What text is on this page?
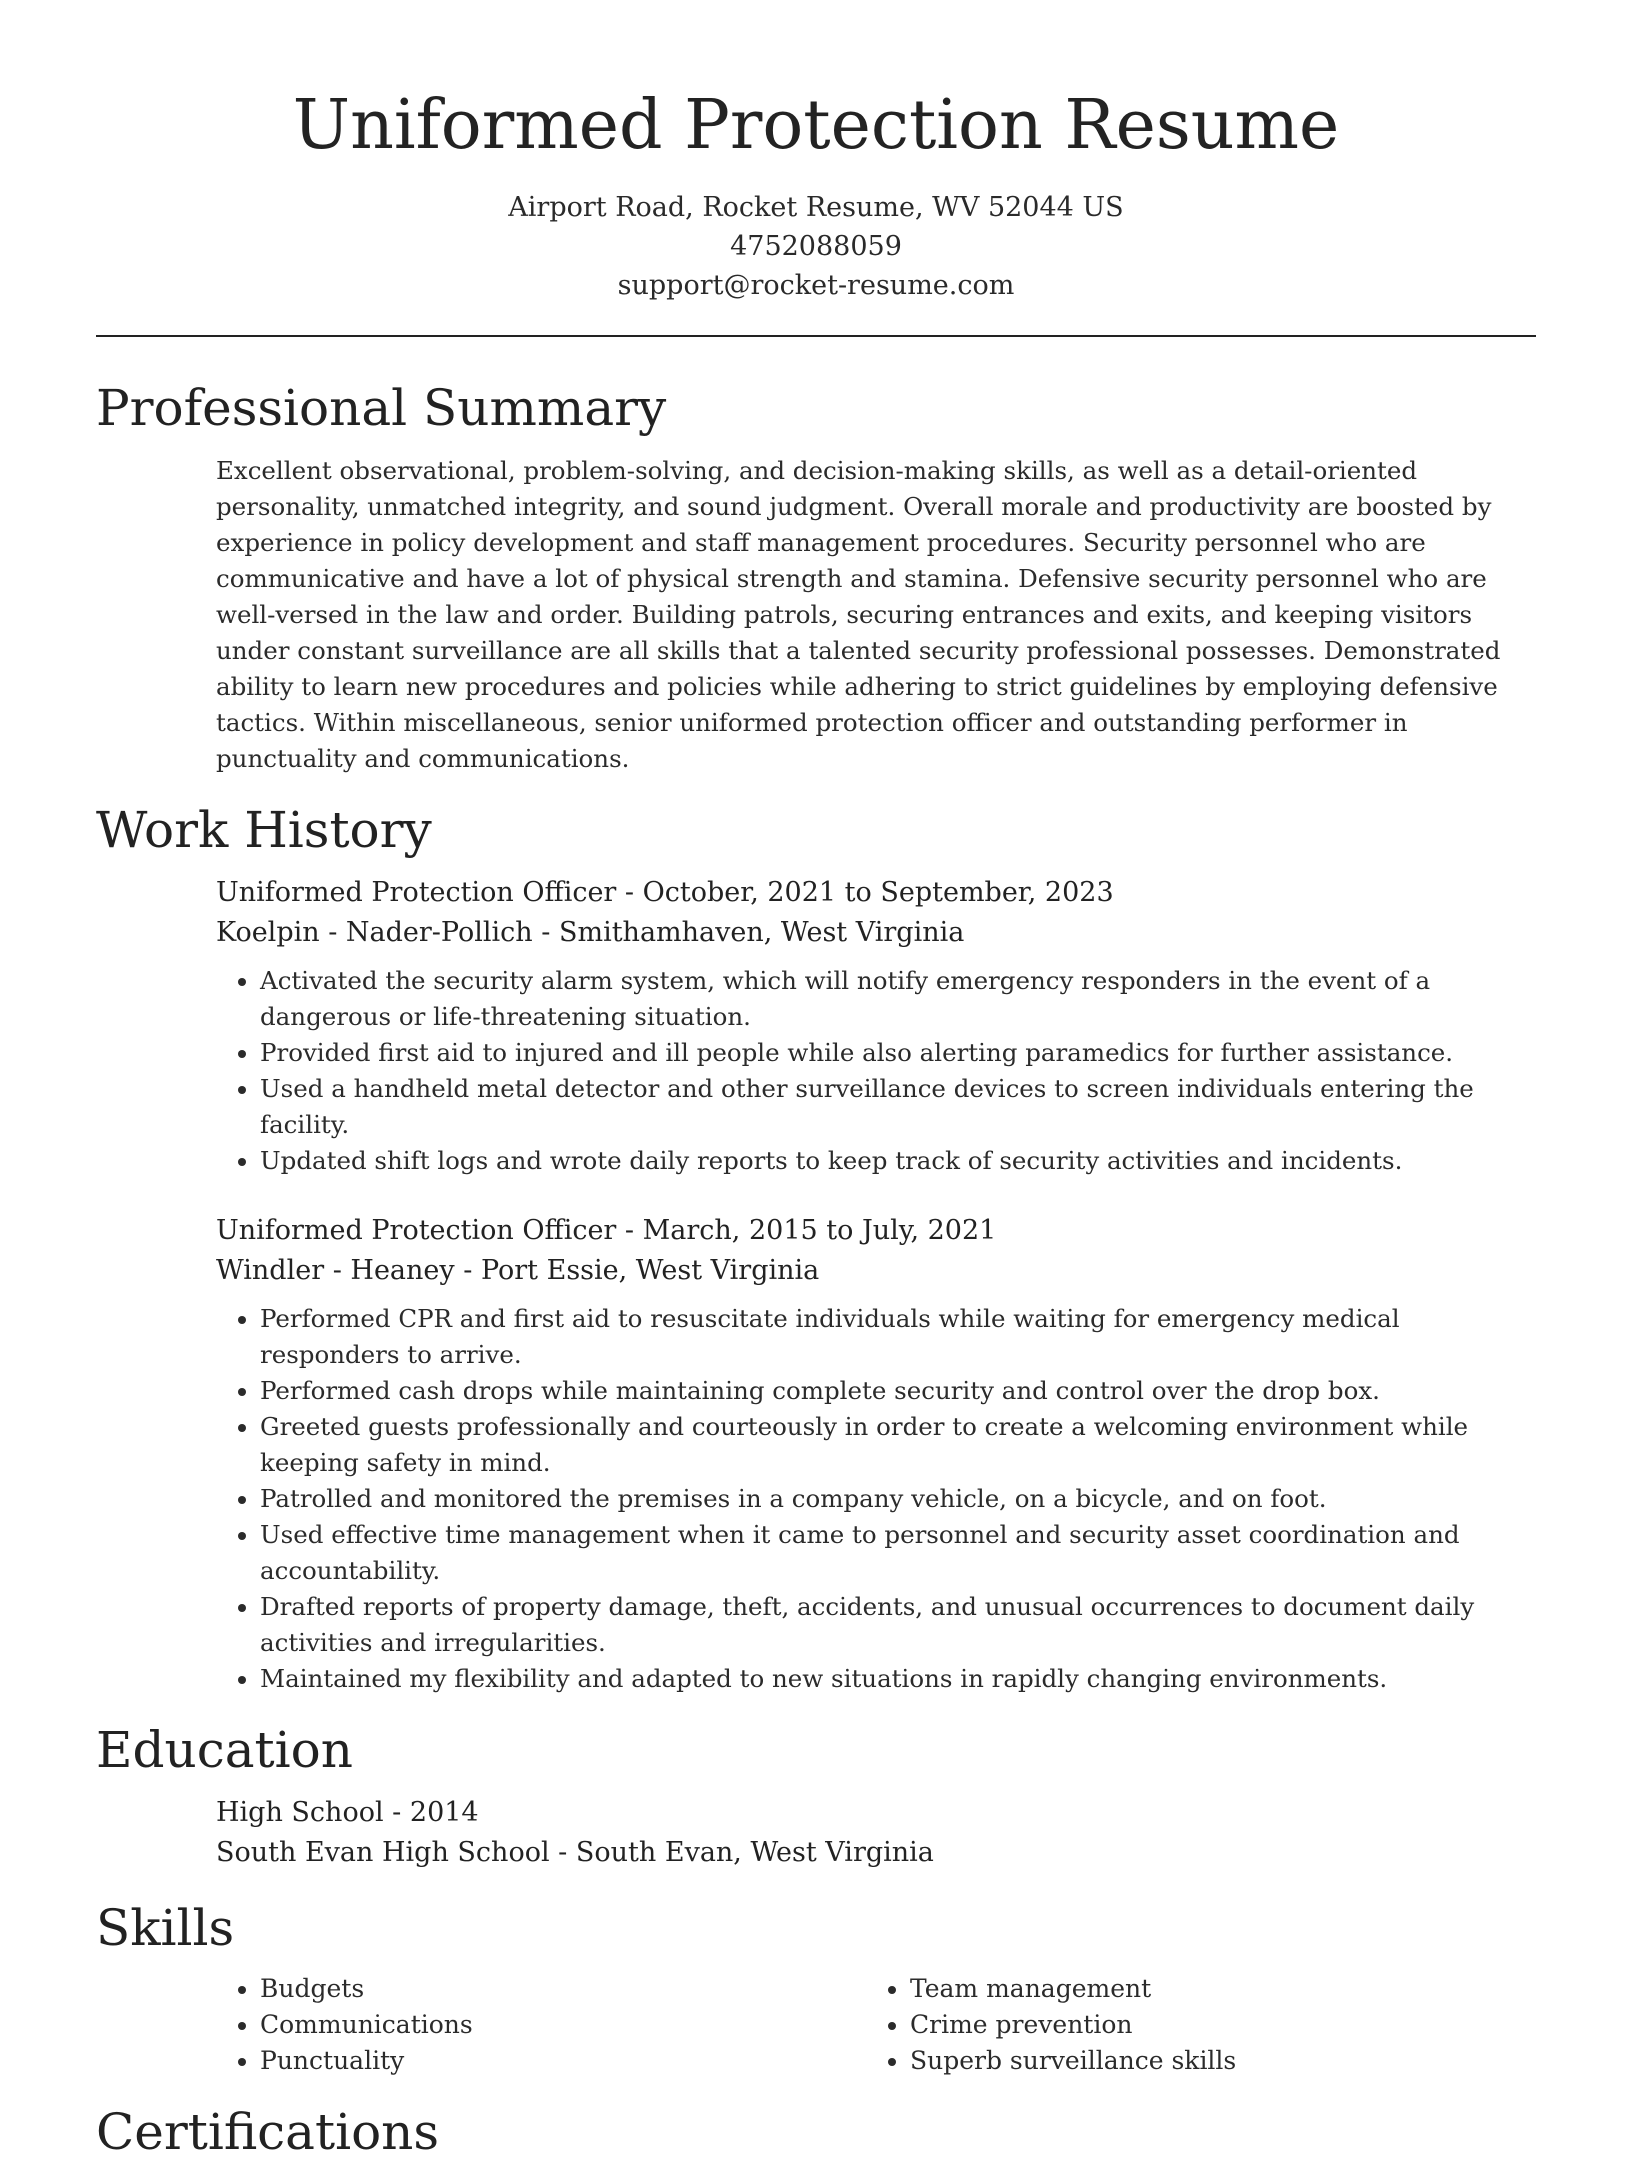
Uniformed Protection Resume
Airport Road, Rocket Resume, WV 52044 US
4752088059
support@rocket-resume.com
Professional Summary

Excellent observational, problem-solving, and decision-making skills, as well as a detail-oriented personality, unmatched integrity, and sound judgment. Overall morale and productivity are boosted by experience in policy development and staff management procedures. Security personnel who are communicative and have a lot of physical strength and stamina. Defensive security personnel who are well-versed in the law and order. Building patrols, securing entrances and exits, and keeping visitors under constant surveillance are all skills that a talented security professional possesses. Demonstrated ability to learn new procedures and policies while adhering to strict guidelines by employing defensive tactics. Within miscellaneous, senior uniformed protection officer and outstanding performer in punctuality and communications.

Work History
Uniformed Protection Officer - October, 2021 to September, 2023
Koelpin - Nader-Pollich - Smithamhaven, West Virginia
• Activated the security alarm system, which will notify emergency responders in the event of a dangerous or life-threatening situation.
• Provided first aid to injured and ill people while also alerting paramedics for further assistance.
• Used a handheld metal detector and other surveillance devices to screen individuals entering the facility.
• Updated shift logs and wrote daily reports to keep track of security activities and incidents.
Uniformed Protection Officer - March, 2015 to July, 2021
Windler - Heaney - Port Essie, West Virginia
• Performed CPR and first aid to resuscitate individuals while waiting for emergency medical responders to arrive.
• Performed cash drops while maintaining complete security and control over the drop box.
• Greeted guests professionally and courteously in order to create a welcoming environment while keeping safety in mind.
• Patrolled and monitored the premises in a company vehicle, on a bicycle, and on foot.
• Used effective time management when it came to personnel and security asset coordination and accountability.
• Drafted reports of property damage, theft, accidents, and unusual occurrences to document daily activities and irregularities.
• Maintained my flexibility and adapted to new situations in rapidly changing environments.
Education
High School - 2014
South Evan High School - South Evan, West Virginia
Skills
• Budgets
• Communications
• Punctuality
• Team management
• Crime prevention
• Superb surveillance skills
Certifications
